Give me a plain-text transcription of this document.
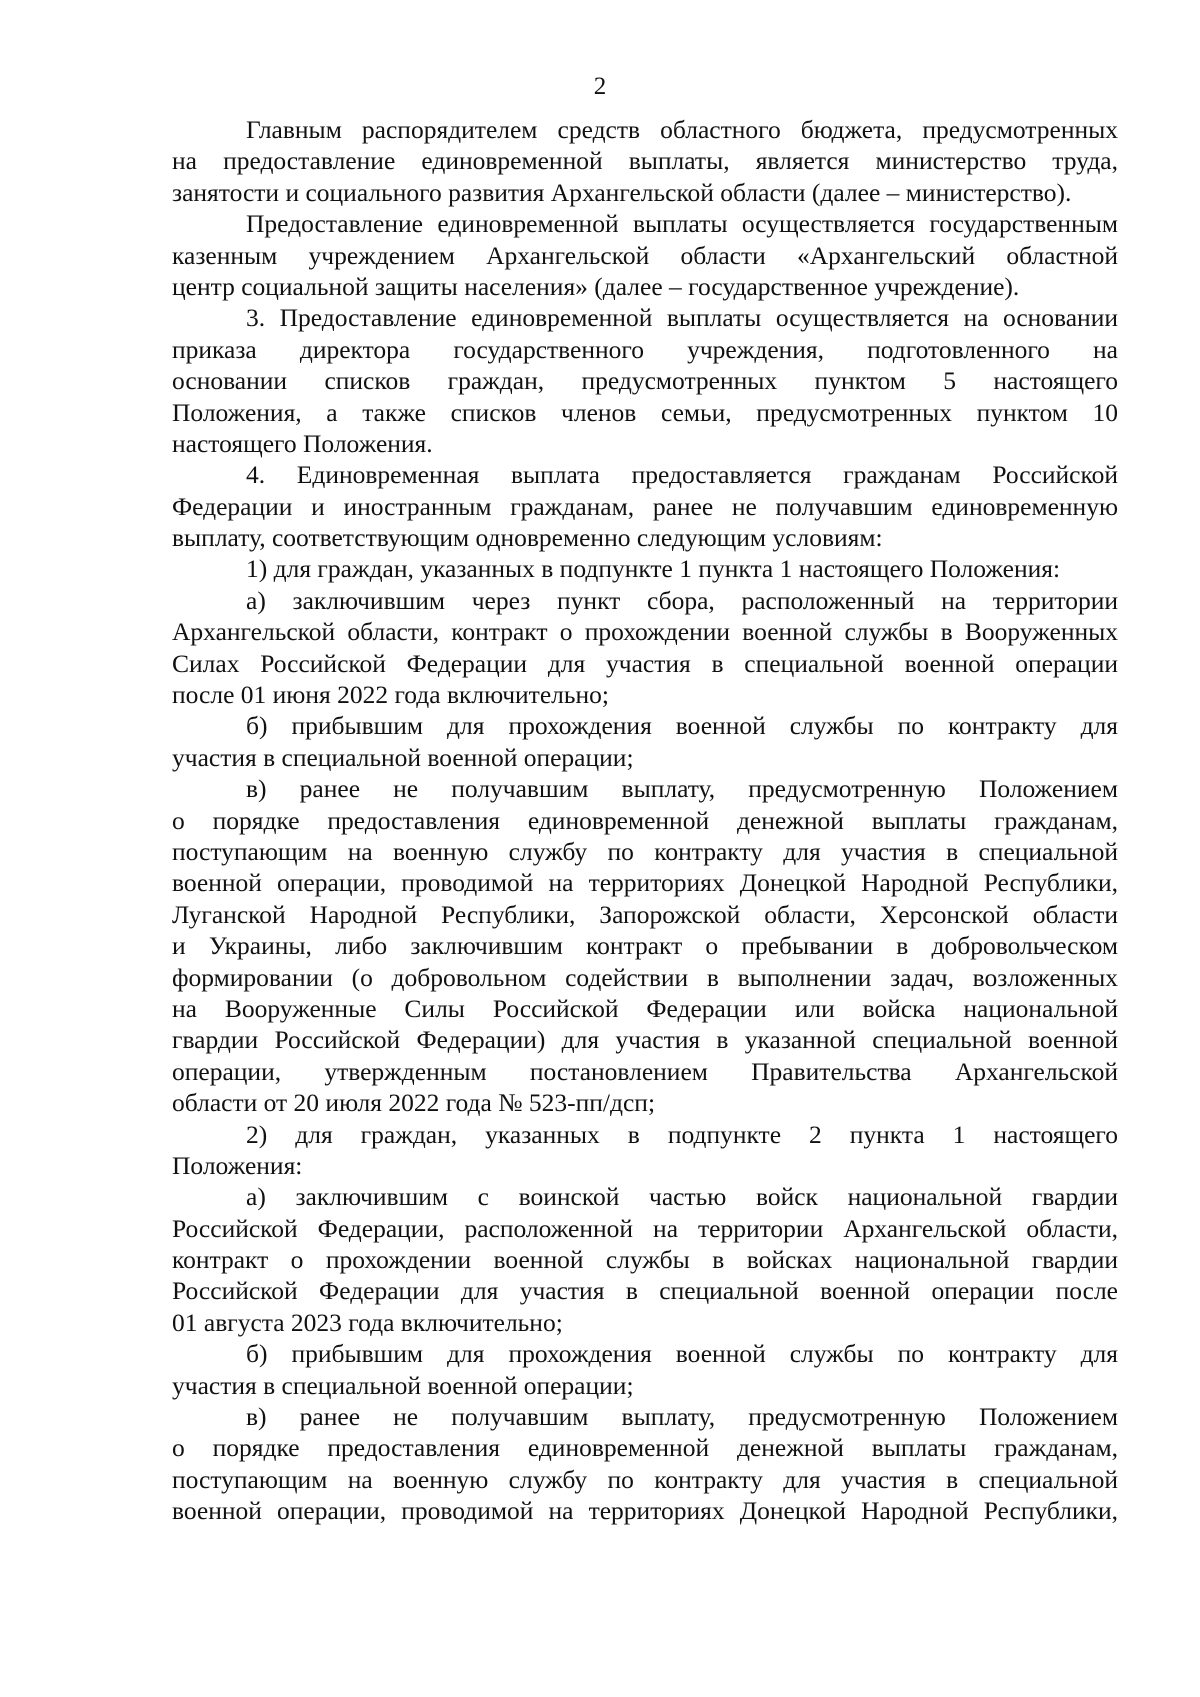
2
Главным распорядителем средств областного бюджета, предусмотренных
на предоставление единовременной выплаты, является министерство труда,
занятости и социального развития Архангельской области (далее – министерство).
Предоставление единовременной выплаты осуществляется государственным
казенным учреждением Архангельской области «Архангельский областной
центр социальной защиты населения» (далее – государственное учреждение).
3. Предоставление единовременной выплаты осуществляется на основании
приказа директора государственного учреждения, подготовленного на
основании списков граждан, предусмотренных пунктом 5 настоящего
Положения, а также списков членов семьи, предусмотренных пунктом 10
настоящего Положения.
4. Единовременная выплата предоставляется гражданам Российской
Федерации и иностранным гражданам, ранее не получавшим единовременную
выплату, соответствующим одновременно следующим условиям:
1) для граждан, указанных в подпункте 1 пункта 1 настоящего Положения:
а) заключившим через пункт сбора, расположенный на территории
Архангельской области, контракт о прохождении военной службы в Вооруженных
Силах Российской Федерации для участия в специальной военной операции
после 01 июня 2022 года включительно;
б) прибывшим для прохождения военной службы по контракту для
участия в специальной военной операции;
в) ранее не получавшим выплату, предусмотренную Положением
о порядке предоставления единовременной денежной выплаты гражданам,
поступающим на военную службу по контракту для участия в специальной
военной операции, проводимой на территориях Донецкой Народной Республики,
Луганской Народной Республики, Запорожской области, Херсонской области
и Украины, либо заключившим контракт о пребывании в добровольческом
формировании (о добровольном содействии в выполнении задач, возложенных
на Вооруженные Силы Российской Федерации или войска национальной
гвардии Российской Федерации) для участия в указанной специальной военной
операции, утвержденным постановлением Правительства Архангельской
области от 20 июля 2022 года № 523-пп/дсп;
2) для граждан, указанных в подпункте 2 пункта 1 настоящего
Положения:
а) заключившим с воинской частью войск национальной гвардии
Российской Федерации, расположенной на территории Архангельской области,
контракт о прохождении военной службы в войсках национальной гвардии
Российской Федерации для участия в специальной военной операции после
01 августа 2023 года включительно;
б) прибывшим для прохождения военной службы по контракту для
участия в специальной военной операции;
в) ранее не получавшим выплату, предусмотренную Положением
о порядке предоставления единовременной денежной выплаты гражданам,
поступающим на военную службу по контракту для участия в специальной
военной операции, проводимой на территориях Донецкой Народной Республики,
